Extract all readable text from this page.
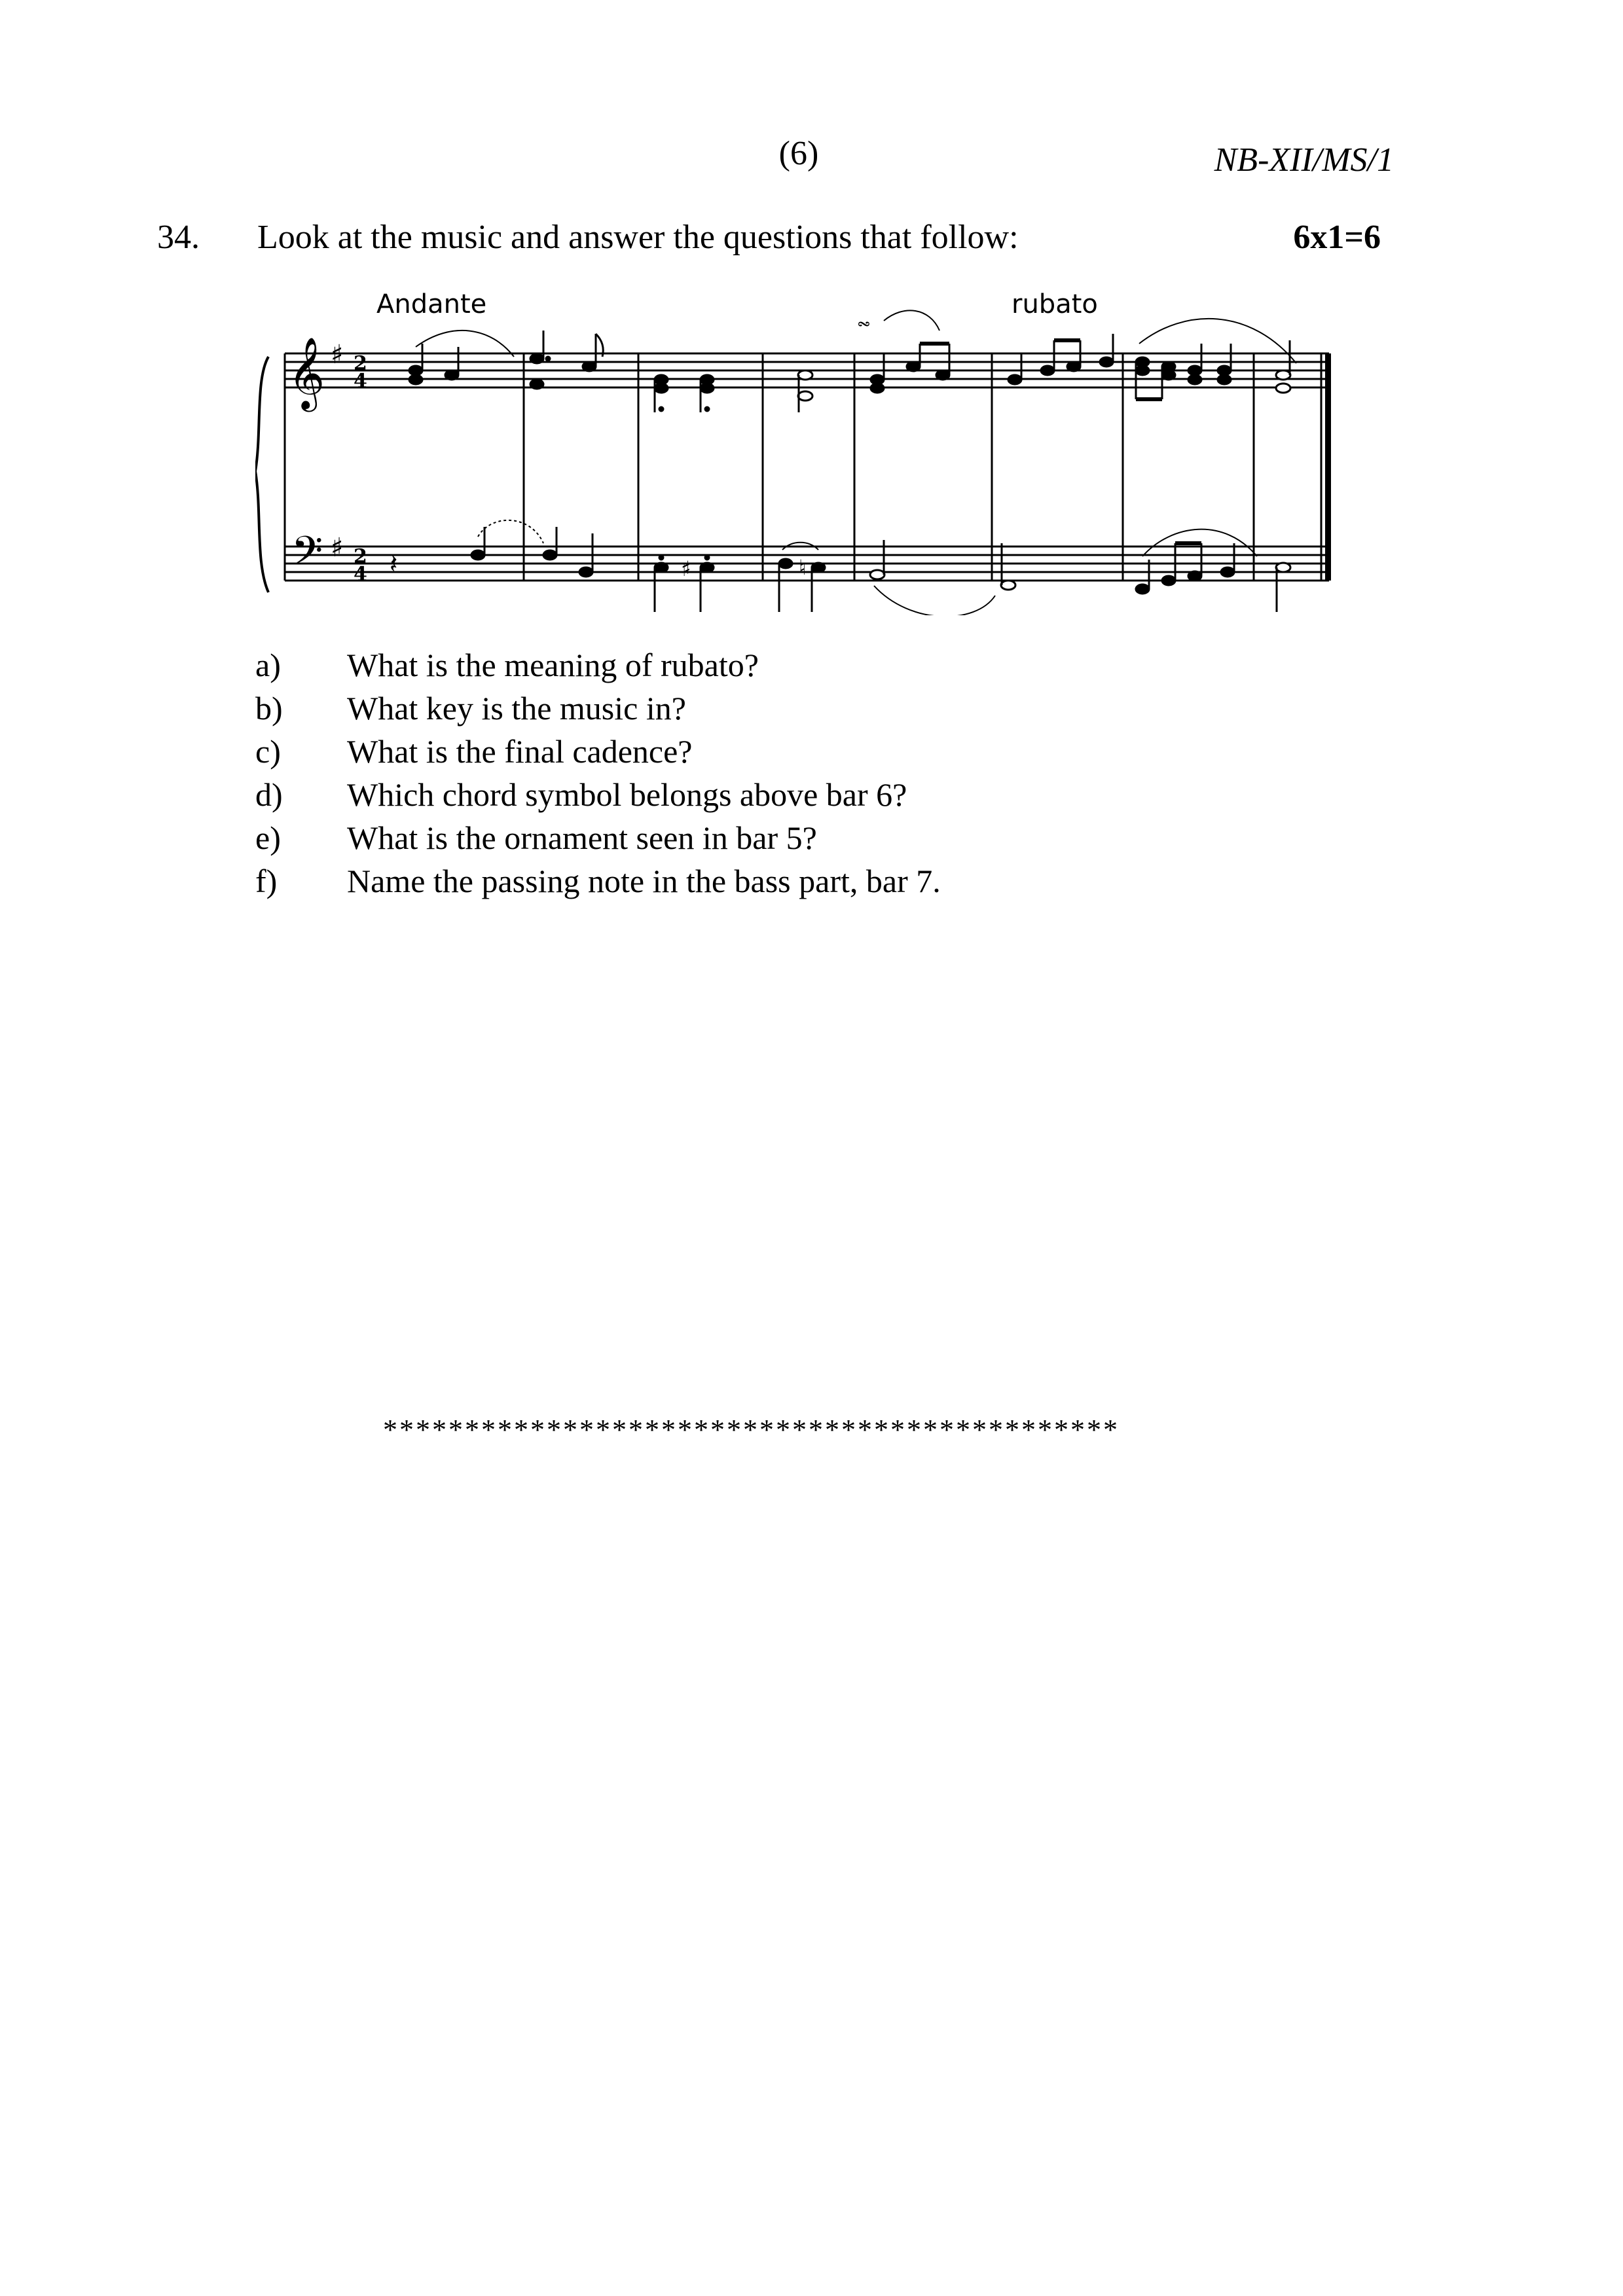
(6)	NB-XII/MS/1
34. Look at the music and answer the questions that follow:	6x1=6
Andante	rubato
𝄞
𝄢
♯
♯
2
4
2
4
𝆗
𝄽	♯	♮
a)	What is the meaning of rubato?
b)	What key is the music in?
c)	What is the final cadence?
d)	Which chord symbol belongs above bar 6?
e)	What is the ornament seen in bar 5?
f)	Name the passing note in the bass part, bar 7.
*********************************************
